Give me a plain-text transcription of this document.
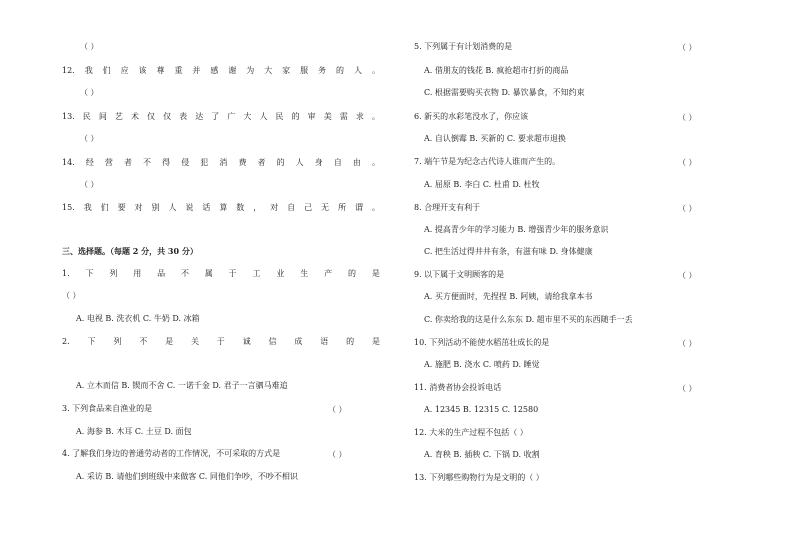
（ ）
12. 我 们 应 该 尊 重 并 感 谢 为 大 家 服 务 的 人 。
（ ）
13. 民 间 艺 术 仅 仅 表 达 了 广 大 人 民 的 审 美 需 求 。
（ ）
14. 经 营 者 不 得 侵 犯 消 费 者 的 人 身 自 由 。
（ ）
15. 我 们 要 对 别 人 说 话 算 数 ， 对 自 己 无 所 谓 。
三、选择题。（每题 2 分，共 30 分）
1. 下 列 用 品 不 属 于 工 业 生 产 的 是
（ ）
A. 电视 B. 洗衣机 C. 牛奶 D. 冰箱
2. 下 列 不 是 关 于 诚 信 成 语 的 是
A. 立木而信 B. 锲而不舍 C. 一诺千金 D. 君子一言驷马难追
3. 下列食品来自渔业的是	（ ）
A. 海参 B. 木耳 C. 土豆 D. 面包
4. 了解我们身边的普通劳动者的工作情况，不可采取的方式是	（ ）
A. 采访 B. 请他们到班级中来做客 C. 同他们争吵，不吵不相识
5. 下列属于有计划消费的是	（ ）
A. 借朋友的钱花 B. 疯抢超市打折的商品
C. 根据需要购买衣物 D. 暴饮暴食，不知约束
6. 新买的水彩笔没水了，你应该	（ ）
A. 自认倒霉 B. 买新的 C. 要求超市退换
7. 端午节是为纪念古代诗人谁而产生的。	（ ）
A. 屈原 B. 李白 C. 杜甫 D. 杜牧
8. 合理开支有利于	（ ）
A. 提高青少年的学习能力 B. 增强青少年的服务意识
C. 把生活过得井井有条，有滋有味 D. 身体健康
9. 以下属于文明顾客的是	（ ）
A. 买方便面时，先捏捏 B. 阿姨，请给我拿本书
C. 你卖给我的这是什么东东 D. 超市里不买的东西随手一丢
10. 下列活动不能使水稻茁壮成长的是	（ ）
A. 施肥 B. 浇水 C. 喷药 D. 睡觉
11. 消费者协会投诉电话	（ ）
A. 12345 B. 12315 C. 12580
12. 大米的生产过程不包括（ ）
A. 育秧 B. 插秧 C. 下锅 D. 收割
13. 下列哪些购物行为是文明的（ ）
